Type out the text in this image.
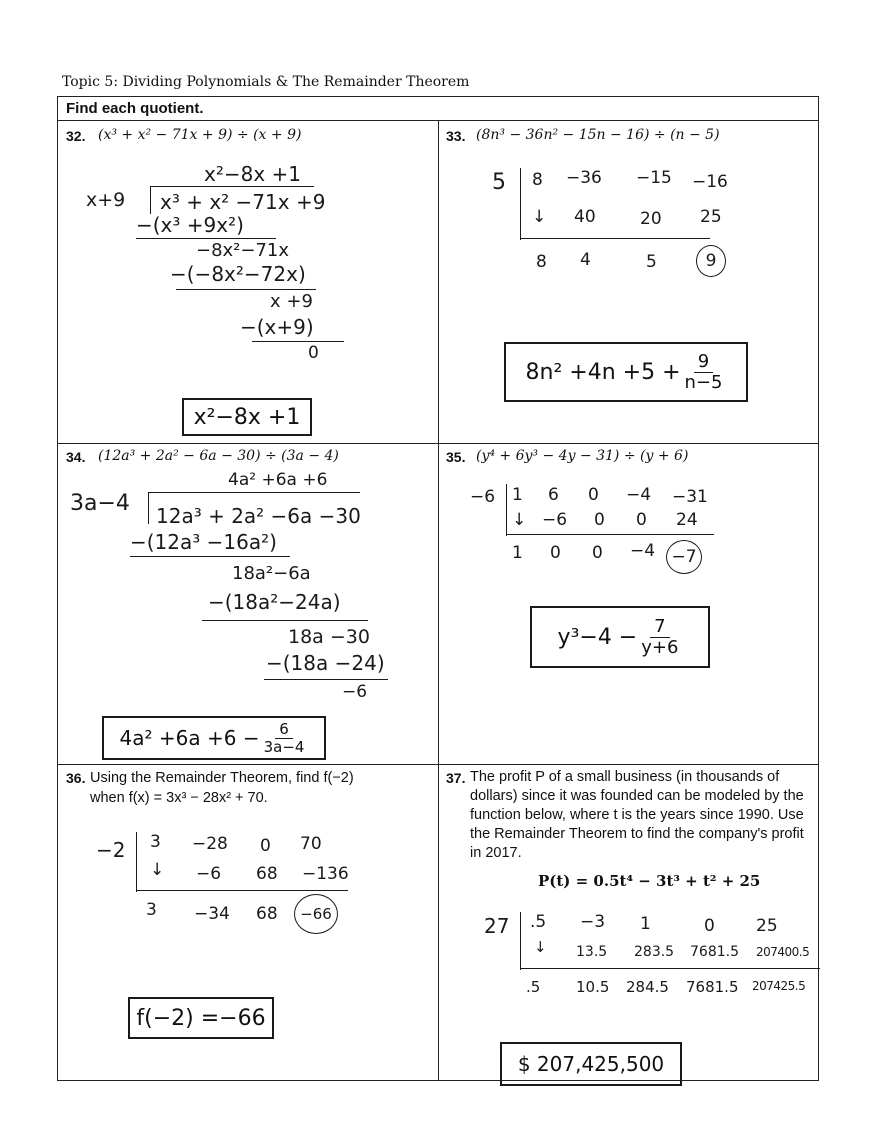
Topic 5: Dividing Polynomials & The Remainder Theorem
Find each quotient.
32. (x³ + x² − 71x + 9) ÷ (x + 9)
x²−8x +1
x+9 x³ + x² −71x +9
−(x³ +9x²)
−8x²−71x
−(−8x²−72x)
x +9
−(x+9)
0
x²−8x +1
33. (8n³ − 36n² − 15n − 16) ÷ (n − 5)
5 8 −36 −15 −16
↓ 40	20 25
8 4	5	9
$8n^2 +4n +5 + \frac{9}{n-5}$
34. (12a³ + 2a² − 6a − 30) ÷ (3a − 4)
4a² +6a +6
3a−4 12a³ + 2a² −6a −30
−(12a³ −16a²)
18a²−6a
−(18a²−24a)
18a −30
−(18a −24)
−6
$4a^2 +6a +6 - \frac{6}{3a-4}$
35. (y⁴ + 6y³ − 4y − 31) ÷ (y + 6)
−6 1 6 0 −4 −31
↓ −6 0 0 24
1 0 0 −4 −7
$y^3-4 - \frac{7}{y+6}$
36. Using the Remainder Theorem, find f(−2)
when f(x) = 3x³ − 28x² + 70.
−2 3 −28 0 70
↓ −6 68 −136
3 −34 68 −66
f(−2) =−66
37. The profit P of a small business (in thousands of dollars) since it was founded can be modeled by the function below, where t is the years since 1990. Use the Remainder Theorem to find the company's profit in 2017.
P(t) = 0.5t⁴ − 3t³ + t² + 25
27 .5 −3 1	0 25
↓ 13.5 283.5 7681.5 207400.5
.5 10.5 284.5 7681.5 207425.5
$ 207,425,500
